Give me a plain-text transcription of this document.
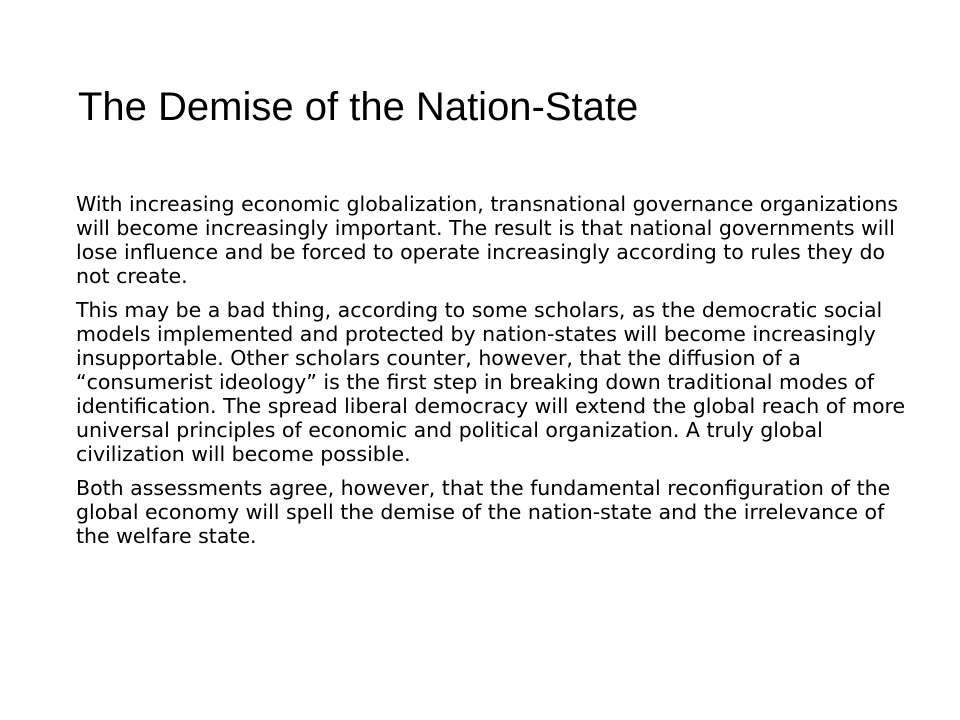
The Demise of the Nation-State

With increasing economic globalization, transnational governance organizations will become increasingly important. The result is that national governments will lose influence and be forced to operate increasingly according to rules they do not create.

This may be a bad thing, according to some scholars, as the democratic social models implemented and protected by nation-states will become increasingly insupportable. Other scholars counter, however, that the diffusion of a “consumerist ideology” is the first step in breaking down traditional modes of identification. The spread liberal democracy will extend the global reach of more universal principles of economic and political organization. A truly global civilization will become possible.

Both assessments agree, however, that the fundamental reconfiguration of the global economy will spell the demise of the nation-state and the irrelevance of the welfare state.
